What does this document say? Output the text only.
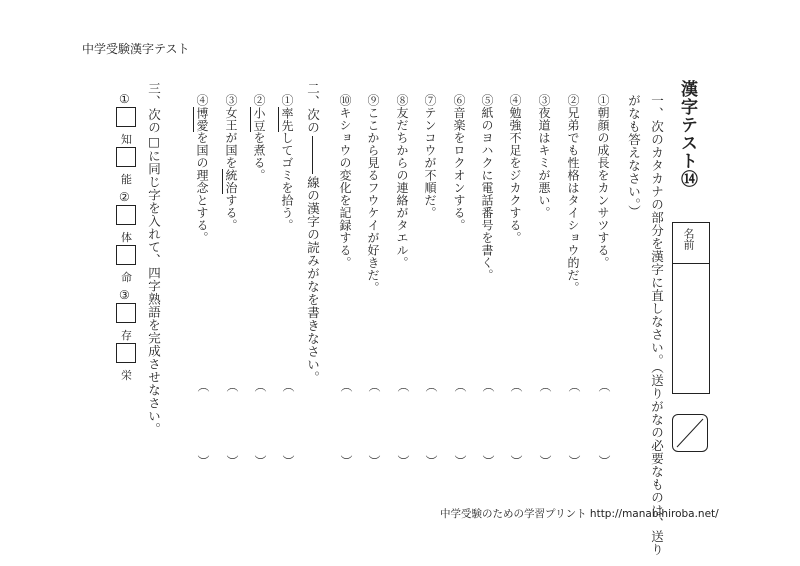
中学受験漢字テスト
漢字テスト⑭
名前
一、次のカタカナの部分を漢字に直しなさい。（送りがなの必要なものは、送り
がなも答えなさい。）
①朝顔の成長をカンサツする。
︵
︶
②兄弟でも性格はタイショウ的だ。
︵
︶
③夜道はキミが悪い。
︵
︶
④勉強不足をジカクする。
︵
︶
⑤紙のヨハクに電話番号を書く。
︵
︶
⑥音楽をロクオンする。
︵
︶
⑦テンコウが不順だ。
︵
︶
⑧友だちからの連絡がタエル。
︵
︶
⑨ここから見るフウケイが好きだ。
︵
︶
⑩キショウの変化を記録する。
︵
︶
二、次の線の漢字の読みがなを書きなさい。
①率先してゴミを拾う。
︵
︶
②小豆を煮る。
︵
︶
③女王が国を統治する。
︵
︶
④博愛を国の理念とする。
︵
︶
三、次の□に同じ字を入れて、四字熟語を完成させなさい。
①
知
能
②
体
命
③
存
栄
中学受験のための学習プリント http://manabihiroba.net/
